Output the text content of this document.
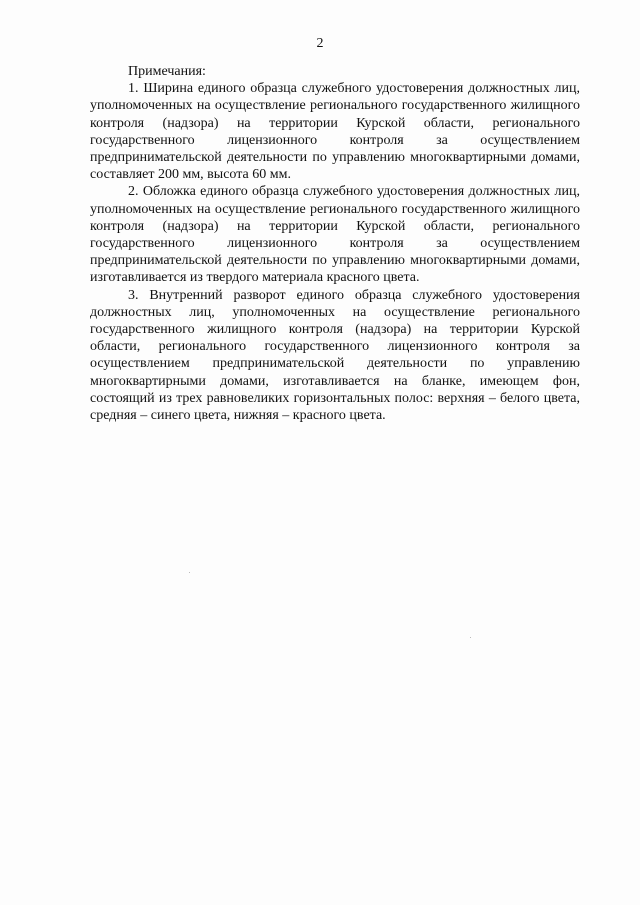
2

Примечания:

1. Ширина единого образца служебного удостоверения должностных лиц, уполномоченных на осуществление регионального государственного жилищного контроля (надзора) на территории Курской области, регионального государственного лицензионного контроля за осуществлением предпринимательской деятельности по управлению многоквартирными домами, составляет 200 мм, высота 60 мм.

2. Обложка единого образца служебного удостоверения должностных лиц, уполномоченных на осуществление регионального государственного жилищного контроля (надзора) на территории Курской области, регионального государственного лицензионного контроля за осуществлением предпринимательской деятельности по управлению многоквартирными домами, изготавливается из твердого материала красного цвета.

3. Внутренний разворот единого образца служебного удостоверения должностных лиц, уполномоченных на осуществление регионального государственного жилищного контроля (надзора) на территории Курской области, регионального государственного лицензионного контроля за осуществлением предпринимательской деятельности по управлению многоквартирными домами, изготавливается на бланке, имеющем фон, состоящий из трех равновеликих горизонтальных полос: верхняя – белого цвета, средняя – синего цвета, нижняя – красного цвета.
